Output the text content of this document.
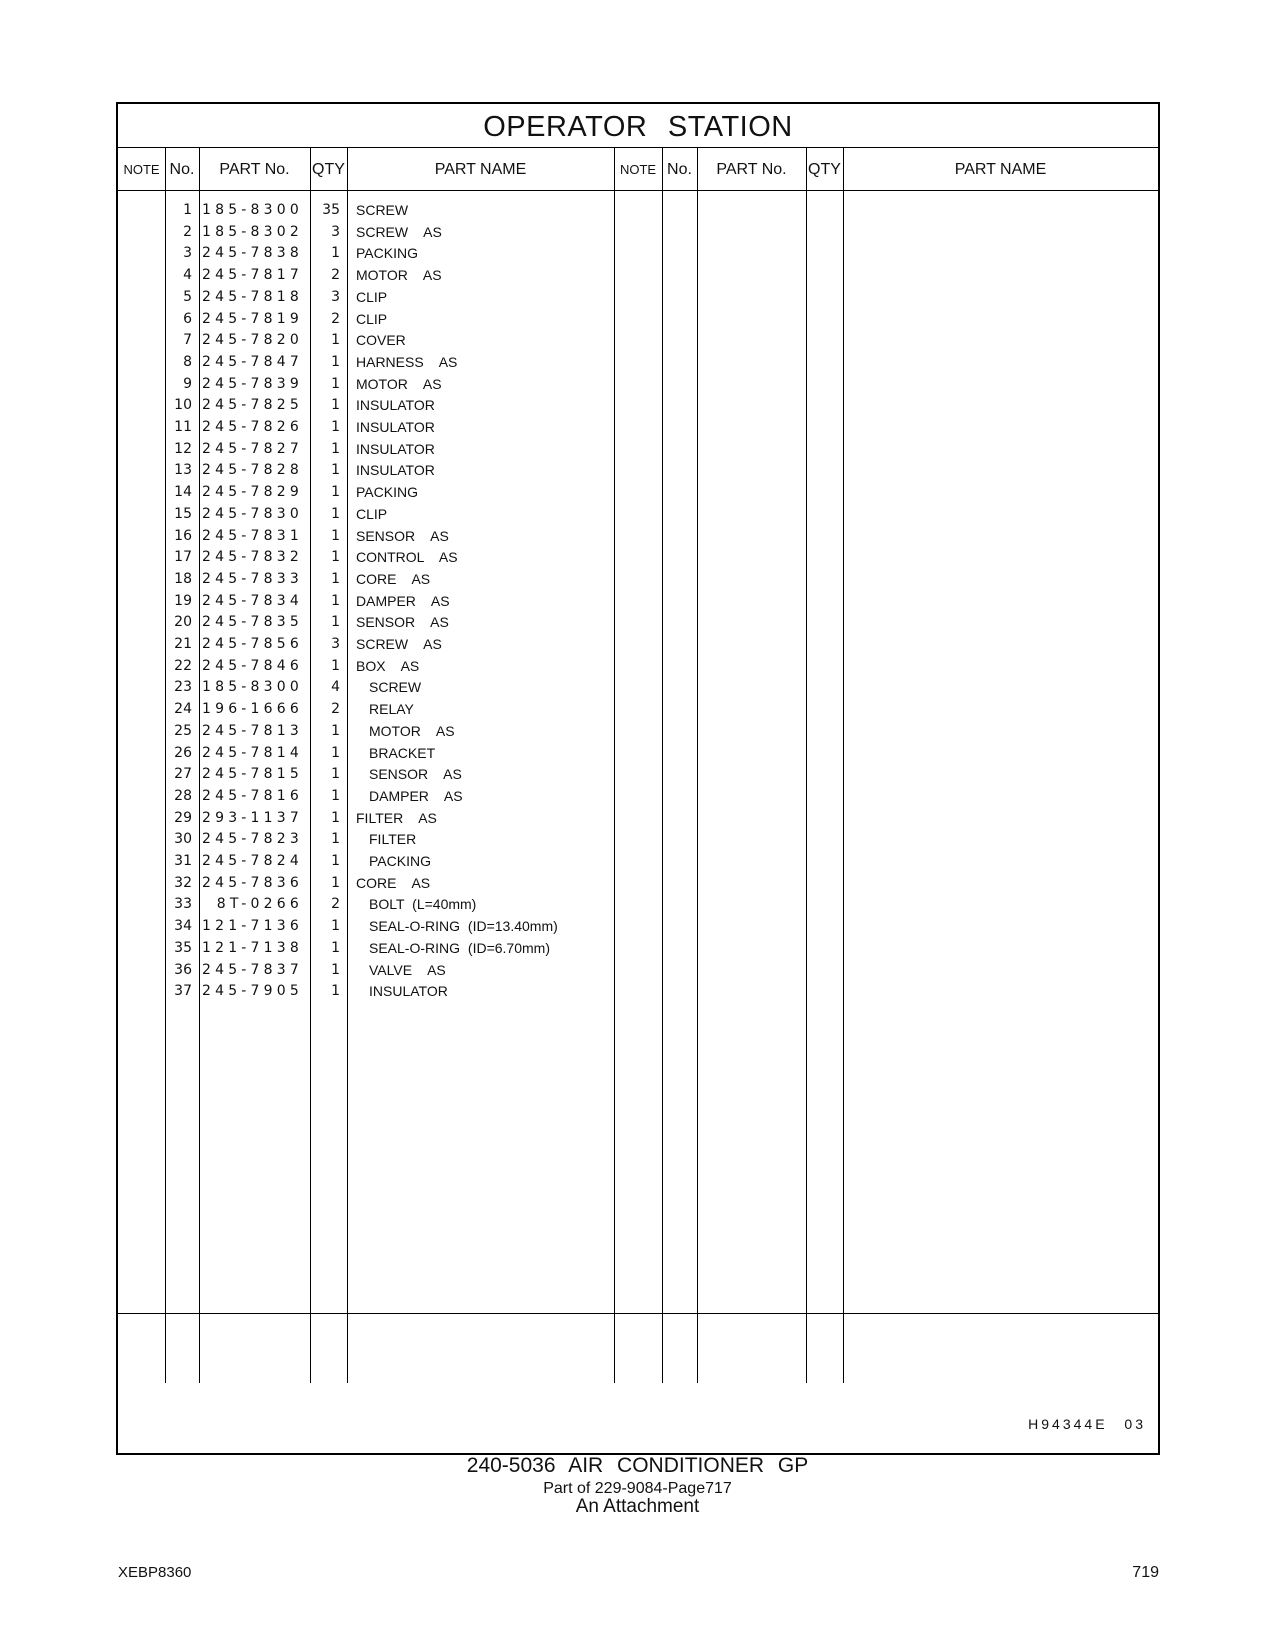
OPERATOR STATION
NOTE No.	PART No.	QTY	PART NAME	NOTE No.	PART No.	QTY	PART NAME
1 185-8300	35 SCREW
2 185-8302	3 SCREW  AS
3 245-7838	1 PACKING
4 245-7817	2 MOTOR  AS
5 245-7818	3 CLIP
6 245-7819	2 CLIP
7 245-7820	1 COVER
8 245-7847	1 HARNESS  AS
9 245-7839	1 MOTOR  AS
10 245-7825	1 INSULATOR
11 245-7826	1 INSULATOR
12 245-7827	1 INSULATOR
13 245-7828	1 INSULATOR
14 245-7829	1 PACKING
15 245-7830	1 CLIP
16 245-7831	1 SENSOR  AS
17 245-7832	1 CONTROL  AS
18 245-7833	1 CORE  AS
19 245-7834	1 DAMPER  AS
20 245-7835	1 SENSOR  AS
21 245-7856	3 SCREW  AS
22 245-7846	1 BOX  AS
23 185-8300	4 SCREW
24 196-1666	2 RELAY
25 245-7813	1 MOTOR  AS
26 245-7814	1 BRACKET
27 245-7815	1 SENSOR  AS
28 245-7816	1 DAMPER  AS
29 293-1137	1 FILTER  AS
30 245-7823	1 FILTER
31 245-7824	1 PACKING
32 245-7836	1 CORE  AS
33	8T-0266	2 BOLT (L=40mm)
34 121-7136	1 SEAL-O-RING (ID=13.40mm)
35 121-7138	1 SEAL-O-RING (ID=6.70mm)
36 245-7837	1 VALVE  AS
37 245-7905	1 INSULATOR
H94344E 03
240-5036 AIR CONDITIONER GP
Part of 229-9084-Page717
An Attachment
XEBP8360	719
